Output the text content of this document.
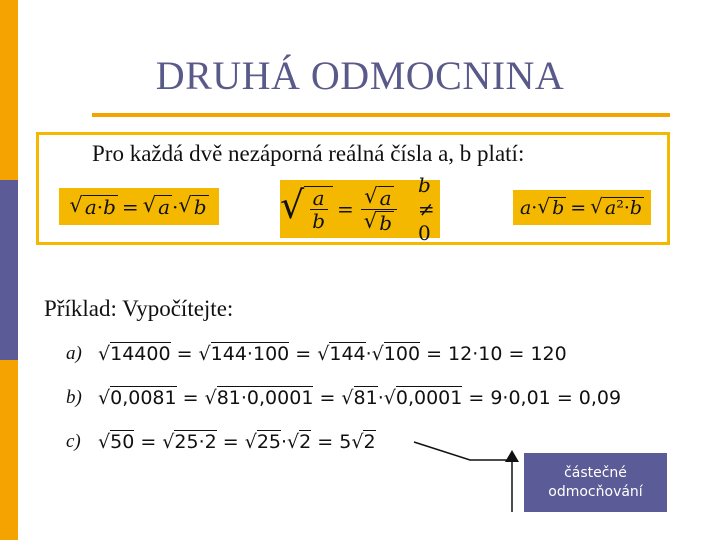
DRUHÁ ODMOCNINA
Pro každá dvě nezáporná reálná čísla a, b platí:
√ a·b = √ a · √ b √ $\frac{a}{b} = \frac{√ a}{√ b}$ b ≠ 0
a· √ b = √ a²·b
Příklad: Vypočítejte:
a) √14400 = √144·100 = √144·√100 = 12·10 = 120
b) √0,0081 = √81·0,0001 = √81·√0,0001 = 9·0,01 = 0,09
c) √50 = √25·2 = √25·√2 = 5√2
částečné
odmocňování
